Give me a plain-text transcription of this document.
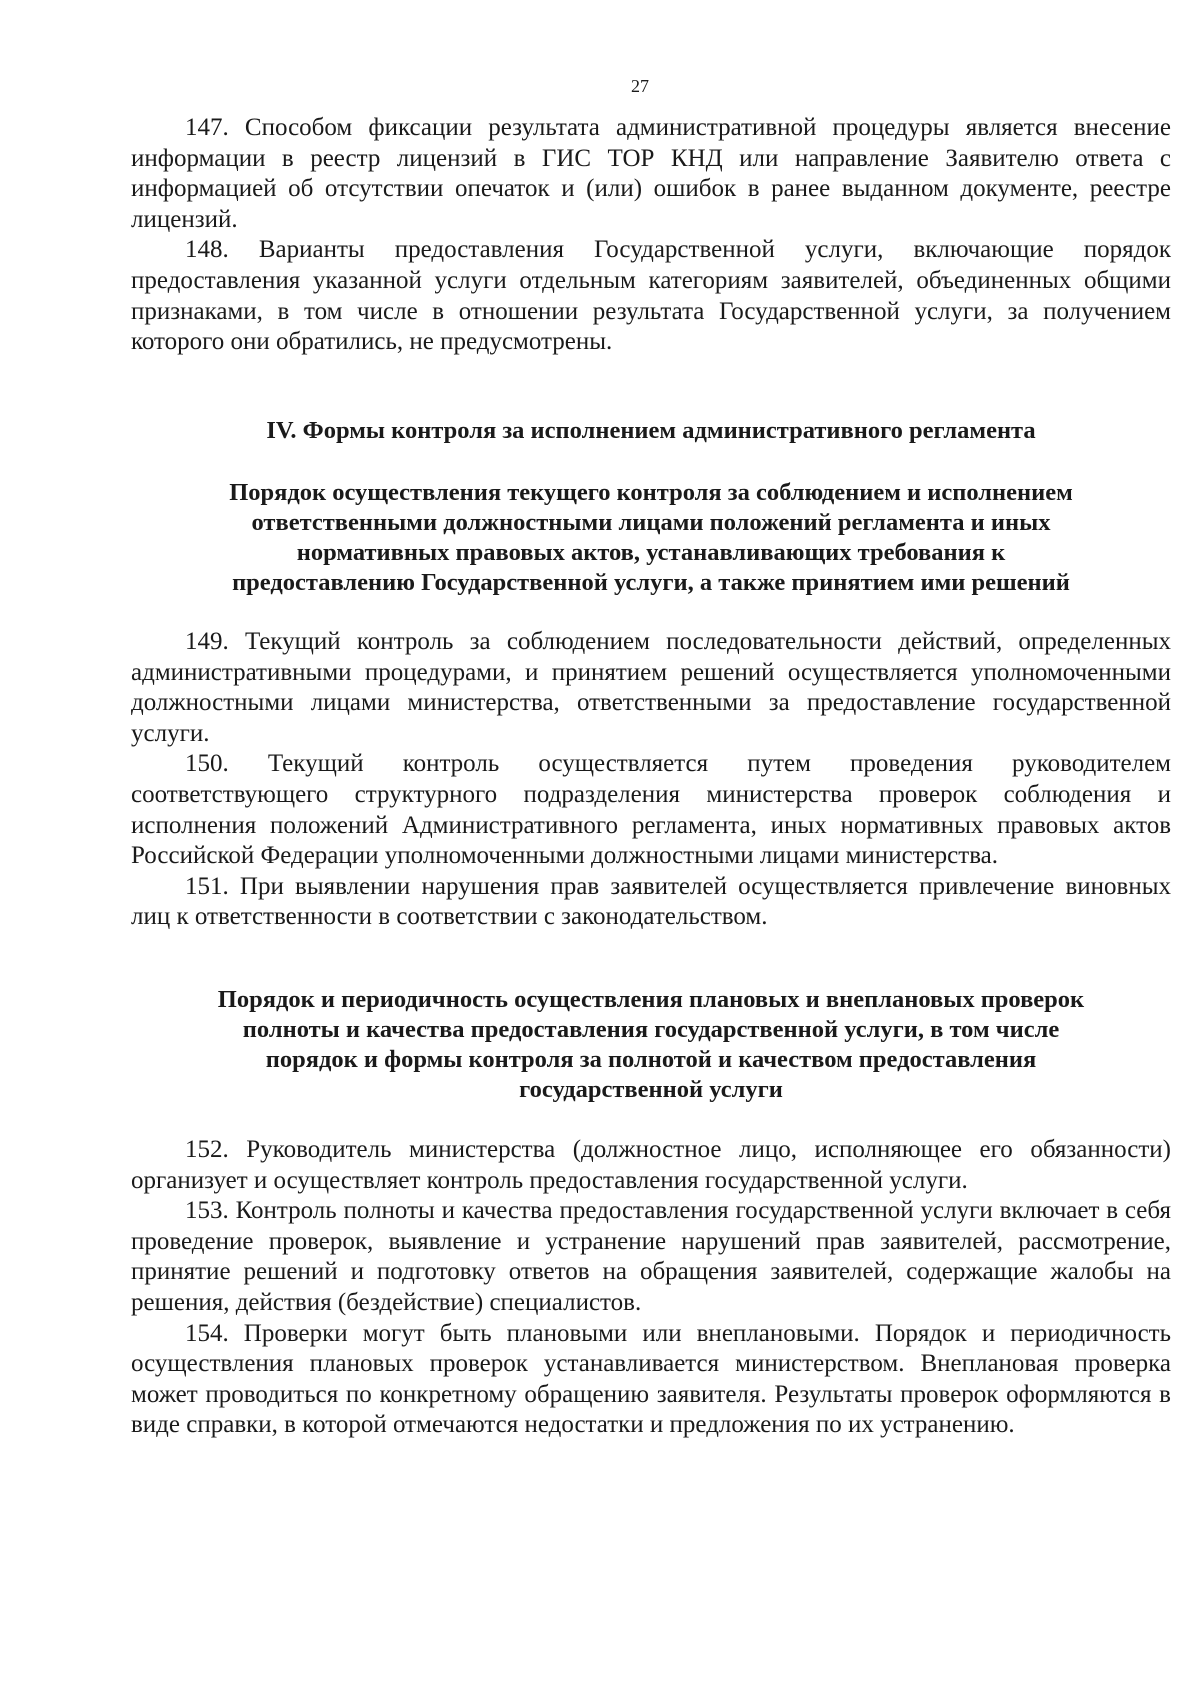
27

147. Способом фиксации результата административной процедуры является внесение информации в реестр лицензий в ГИС ТОР КНД или направление Заявителю ответа с информацией об отсутствии опечаток и (или) ошибок в ранее выданном документе, реестре лицензий.

148. Варианты предоставления Государственной услуги, включающие порядок предоставления указанной услуги отдельным категориям заявителей, объединенных общими признаками, в том числе в отношении результата Государственной услуги, за получением которого они обратились, не предусмотрены.

IV. Формы контроля за исполнением административного регламента
Порядок осуществления текущего контроля за соблюдением и исполнением
ответственными должностными лицами положений регламента и иных
нормативных правовых актов, устанавливающих требования к
предоставлению Государственной услуги, а также принятием ими решений

149. Текущий контроль за соблюдением последовательности действий, определенных административными процедурами, и принятием решений осуществляется уполномоченными должностными лицами министерства, ответственными за предоставление государственной услуги.

150. Текущий контроль осуществляется путем проведения руководителем соответствующего структурного подразделения министерства проверок соблюдения и исполнения положений Административного регламента, иных нормативных правовых актов Российской Федерации уполномоченными должностными лицами министерства.

151. При выявлении нарушения прав заявителей осуществляется привлечение виновных лиц к ответственности в соответствии с законодательством.

Порядок и периодичность осуществления плановых и внеплановых проверок
полноты и качества предоставления государственной услуги, в том числе
порядок и формы контроля за полнотой и качеством предоставления
государственной услуги

152. Руководитель министерства (должностное лицо, исполняющее его обязанности) организует и осуществляет контроль предоставления государственной услуги.

153. Контроль полноты и качества предоставления государственной услуги включает в себя проведение проверок, выявление и устранение нарушений прав заявителей, рассмотрение, принятие решений и подготовку ответов на обращения заявителей, содержащие жалобы на решения, действия (бездействие) специалистов.

154. Проверки могут быть плановыми или внеплановыми. Порядок и периодичность осуществления плановых проверок устанавливается министерством. Внеплановая проверка может проводиться по конкретному обращению заявителя. Результаты проверок оформляются в виде справки, в которой отмечаются недостатки и предложения по их устранению.
